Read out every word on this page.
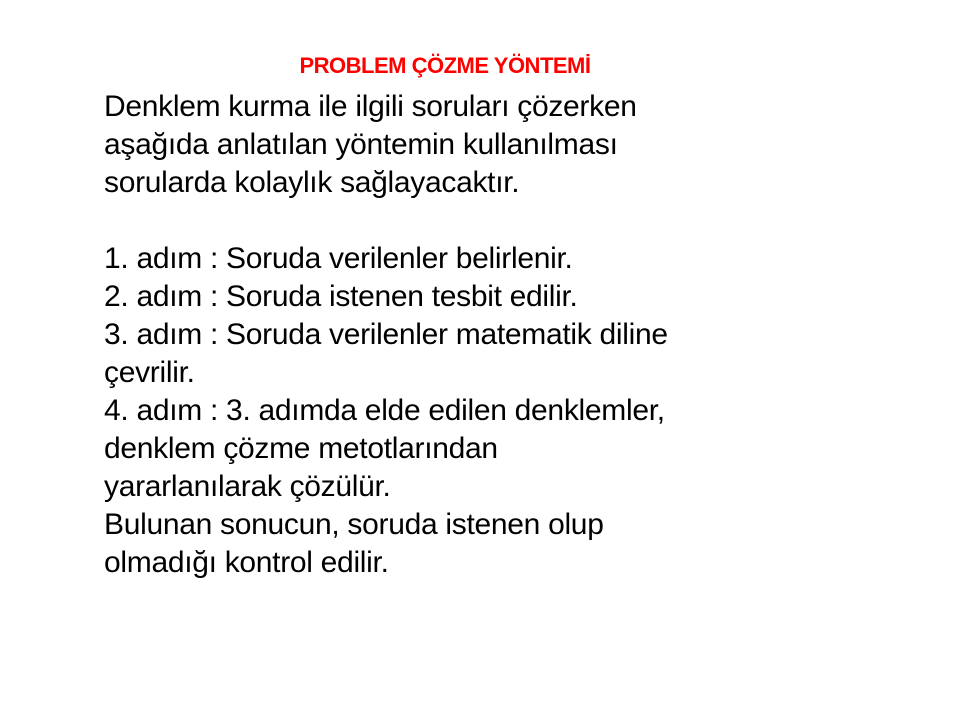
PROBLEM ÇÖZME YÖNTEMİ
Denklem kurma ile ilgili soruları çözerken
aşağıda anlatılan yöntemin kullanılması
sorularda kolaylık sağlayacaktır.
1. adım : Soruda verilenler belirlenir.
2. adım : Soruda istenen tesbit edilir.
3. adım : Soruda verilenler matematik diline
çevrilir.
4. adım : 3. adımda elde edilen denklemler,
denklem çözme metotlarından
yararlanılarak çözülür.
Bulunan sonucun, soruda istenen olup
olmadığı kontrol edilir.
